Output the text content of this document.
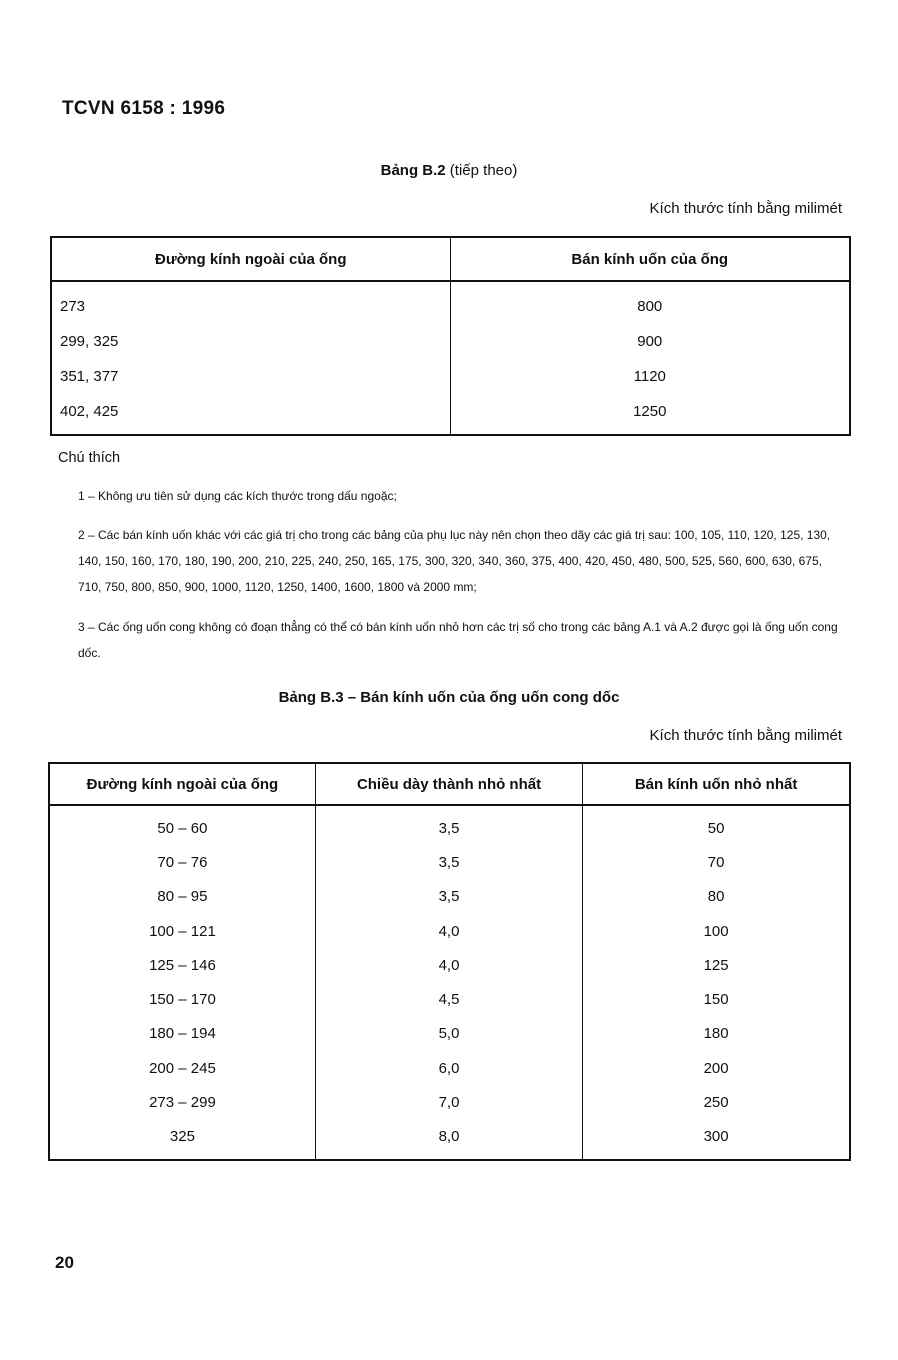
TCVN 6158 : 1996
Bảng B.2 (tiếp theo)
Kích thước tính bằng milimét
Đường kính ngoài của ống	Bán kính uốn của ống
273	800
299, 325	900
351, 377	1120
402, 425	1250
Chú thích
1 – Không ưu tiên sử dụng các kích thước trong dấu ngoặc;
2 – Các bán kính uốn khác với các giá trị cho trong các bảng của phụ lục này nên chọn theo dãy các giá trị sau: 100, 105, 110, 120, 125, 130, 140, 150, 160, 170, 180, 190, 200, 210, 225, 240, 250, 165, 175, 300, 320, 340, 360, 375, 400, 420, 450, 480, 500, 525, 560, 600, 630, 675, 710, 750, 800, 850, 900, 1000, 1120, 1250, 1400, 1600, 1800 và 2000 mm;
3 – Các ống uốn cong không có đoạn thẳng có thể có bán kính uốn nhỏ hơn các trị số cho trong các bảng A.1 và A.2 được gọi là ống uốn cong dốc.
Bảng B.3 – Bán kính uốn của ống uốn cong dốc
Kích thước tính bằng milimét
Đường kính ngoài của ống	Chiều dày thành nhỏ nhất	Bán kính uốn nhỏ nhất
50 – 60	3,5	50
70 – 76	3,5	70
80 – 95	3,5	80
100 – 121	4,0	100
125 – 146	4,0	125
150 – 170	4,5	150
180 – 194	5,0	180
200 – 245	6,0	200
273 – 299	7,0	250
325	8,0	300
20
